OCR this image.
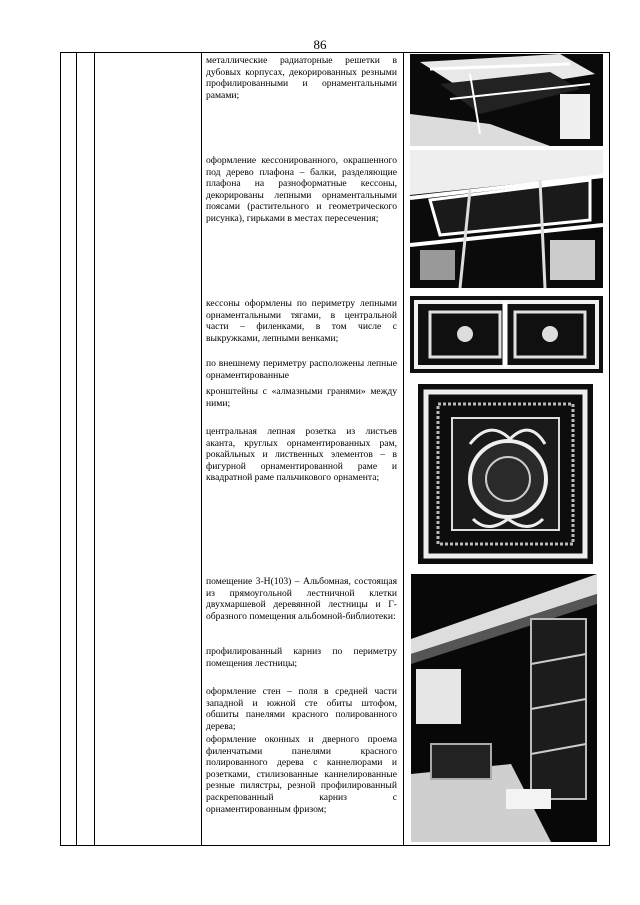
86
металлические радиаторные решетки в дубовых корпусах, декорированных резными профилированными и орнаментальными рамами;
оформление кессонированного, окрашенного под дерево плафона – балки, разделяющие плафона на разноформатные кессоны, декорированы лепными орнаментальными поясами (растительного и геометрического рисунка), гирьками в местах пересечения;
кессоны оформлены по периметру лепными орнаментальными тягами, в центральной части – филенками, в том числе с выкружками, лепными венками;
по внешнему периметру расположены лепные орнаментированные
кронштейны с «алмазными гранями» между ними;
центральная лепная розетка из листьев аканта, круглых орнаментированных рам, рокайльных и лиственных элементов – в фигурной орнаментированной раме и квадратной раме пальчикового орнамента;
помещение 3-Н(103) – Альбомная, состоящая из прямоугольной лестничной клетки двухмаршевой деревянной лестницы и Г-образного помещения альбомной-библиотеки:
профилированный карниз по периметру помещения лестницы;
оформление стен – поля в средней части западной и южной сте обиты штофом, обшиты панелями красного полированного дерева;
оформление оконных и дверного проема филенчатыми панелями красного полированного дерева с каннелюрами и розетками, стилизованные каннелированные резные пилястры, резной профилированный раскрепованный карниз с орнаментированным фризом;
